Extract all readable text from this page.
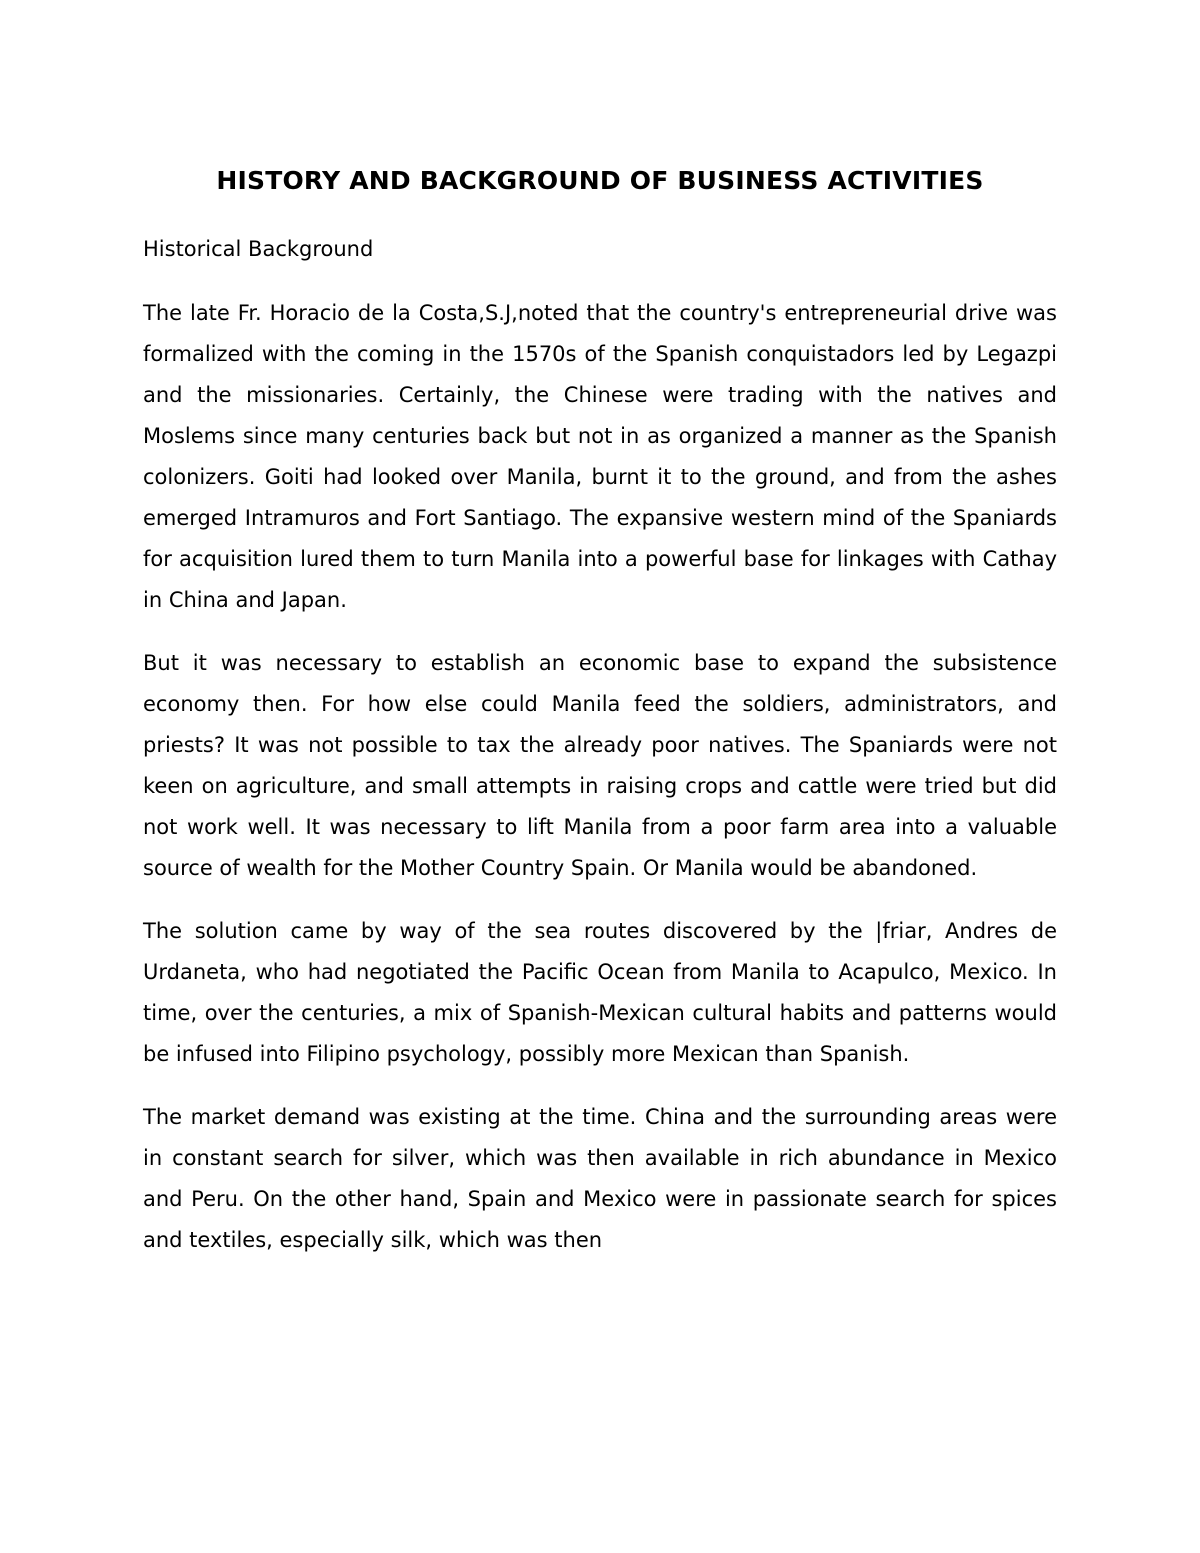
HISTORY AND BACKGROUND OF BUSINESS ACTIVITIES
Historical Background

The late Fr. Horacio de la Costa,S.J,noted that the country's entrepreneurial drive was formalized with the coming in the 1570s of the Spanish conquistadors led by Legazpi and the missionaries. Certainly, the Chinese were trading with the natives and Moslems since many centuries back but not in as organized a manner as the Spanish colonizers. Goiti had looked over Manila, burnt it to the ground, and from the ashes emerged Intramuros and Fort Santiago. The expansive western mind of the Spaniards for acquisition lured them to turn Manila into a powerful base for linkages with Cathay in China and Japan.

But it was necessary to establish an economic base to expand the subsistence economy then. For how else could Manila feed the soldiers, administrators, and priests? It was not possible to tax the already poor natives. The Spaniards were not keen on agriculture, and small attempts in raising crops and cattle were tried but did not work well. It was necessary to lift Manila from a poor farm area into a valuable source of wealth for the Mother Country Spain. Or Manila would be abandoned.

The solution came by way of the sea routes discovered by the |friar, Andres de Urdaneta, who had negotiated the Pacific Ocean from Manila to Acapulco, Mexico. In time, over the centuries, a mix of Spanish-Mexican cultural habits and patterns would be infused into Filipino psychology, possibly more Mexican than Spanish.

The market demand was existing at the time. China and the surrounding areas were in constant search for silver, which was then available in rich abundance in Mexico and Peru. On the other hand, Spain and Mexico were in passionate search for spices and textiles, especially silk, which was then
